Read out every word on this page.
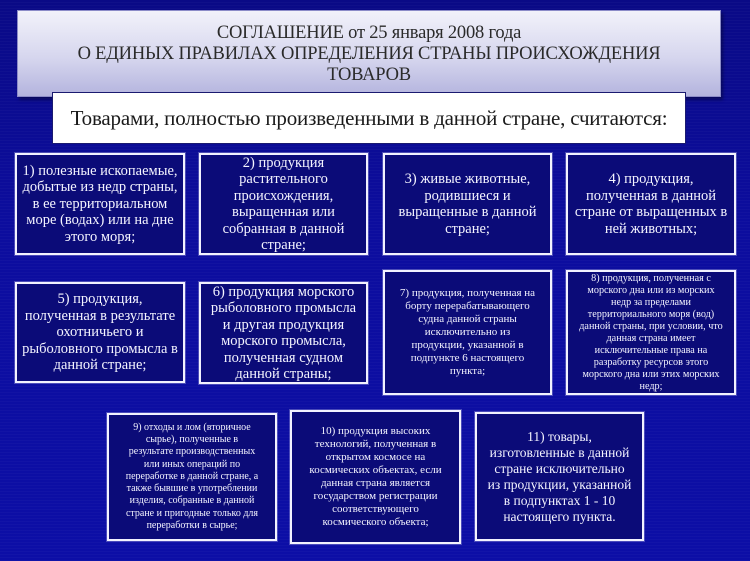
СОГЛАШЕНИЕ от 25 января 2008 года
О ЕДИНЫХ ПРАВИЛАХ ОПРЕДЕЛЕНИЯ СТРАНЫ ПРОИСХОЖДЕНИЯ
ТОВАРОВ
Товарами, полностью произведенными в данной стране, считаются:
1) полезные ископаемые,
добытые из недр страны,
в ее территориальном
море (водах) или на дне
этого моря;
2) продукция
растительного
происхождения,
выращенная или
собранная в данной
стране;
3) живые животные,
родившиеся и
выращенные в данной
стране;
4) продукция,
полученная в данной
стране от выращенных в
ней животных;
5) продукция,
полученная в результате
охотничьего и
рыболовного промысла в
данной стране;
6) продукция морского
рыболовного промысла
и другая продукция
морского промысла,
полученная судном
данной страны;
7) продукция, полученная на
борту перерабатывающего
судна данной страны
исключительно из
продукции, указанной в
подпункте 6 настоящего
пункта;
8) продукция, полученная с
морского дна или из морских
недр за пределами
территориального моря (вод)
данной страны, при условии, что
данная страна имеет
исключительные права на
разработку ресурсов этого
морского дна или этих морских
недр;
9) отходы и лом (вторичное
сырье), полученные в
результате производственных
или иных операций по
переработке в данной стране, а
также бывшие в употреблении
изделия, собранные в данной
стране и пригодные только для
переработки в сырье;
10) продукция высоких
технологий, полученная в
открытом космосе на
космических объектах, если
данная страна является
государством регистрации
соответствующего
космического объекта;
11) товары,
изготовленные в данной
стране исключительно
из продукции, указанной
в подпунктах 1 - 10
настоящего пункта.
